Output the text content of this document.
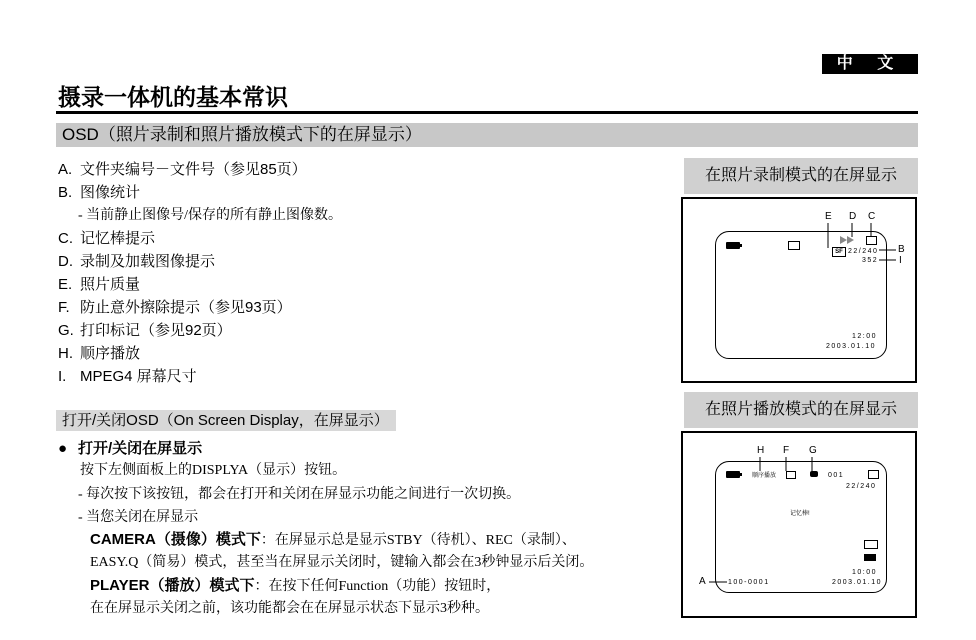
中 文
摄录一体机的基本常识
OSD（照片录制和照片播放模式下的在屏显示）
A. 文件夹编号－文件号（参见85页）
B. 图像统计
- 当前静止图像号/保存的所有静止图像数。
C. 记忆棒提示
D. 录制及加载图像提示
E. 照片质量
F. 防止意外擦除提示（参见93页）
G. 打印标记（参见92页）
H. 顺序播放
I. MPEG4 屏幕尺寸
打开/关闭OSD（On Screen Display，在屏显示）
● 打开/关闭在屏显示
按下左侧面板上的DISPLYA（显示）按钮。
- 每次按下该按钮，都会在打开和关闭在屏显示功能之间进行一次切换。
- 当您关闭在屏显示
CAMERA（摄像）模式下：在屏显示总是显示STBY（待机）、REC（录制）、
EASY.Q（简易）模式，甚至当在屏显示关闭时，键输入都会在3秒钟显示后关闭。
PLAYER（播放）模式下：在按下任何Function（功能）按钮时，
在在屏显示关闭之前，该功能都会在在屏显示状态下显示3秒种。
在照片录制模式的在屏显示
SF 22/240
352
12:00
2003.01.10
E D C
B
I
在照片播放模式的在屏显示
顺序播放	001
22/240
记忆棒!
10:00
100-0001	2003.01.10
H F G
A
